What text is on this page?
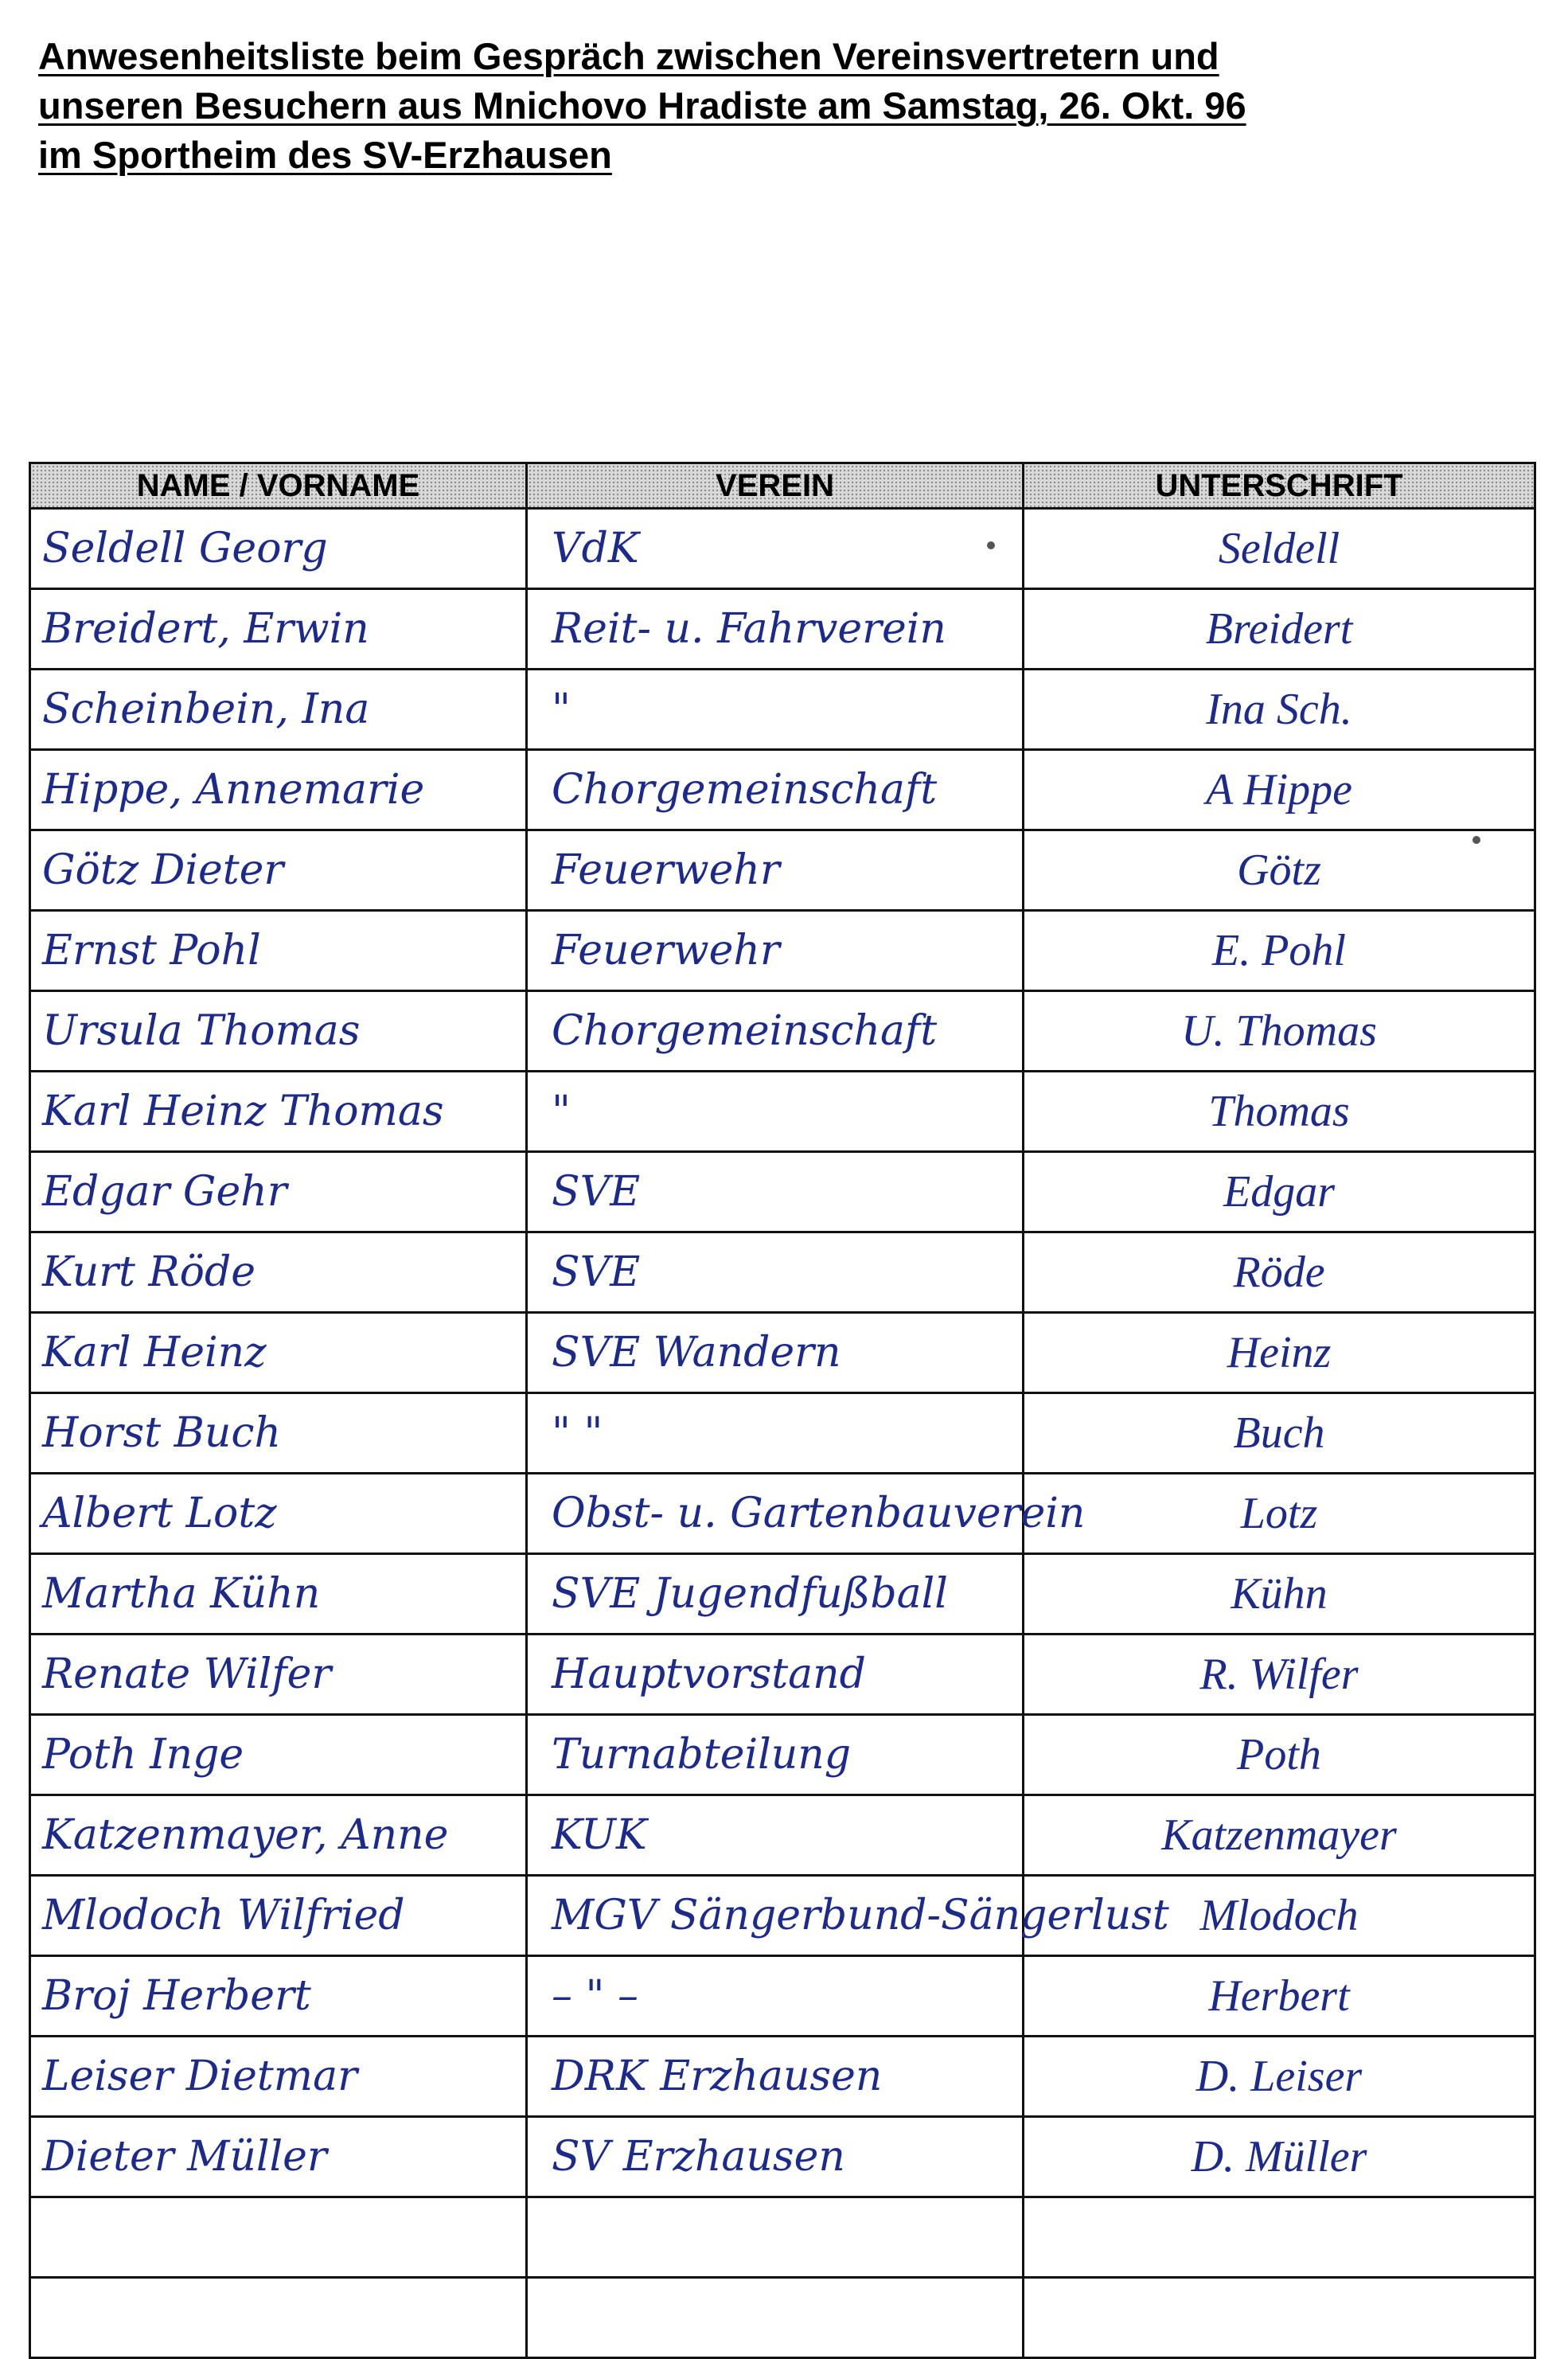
Anwesenheitsliste beim Gespräch zwischen Vereinsvertretern und
unseren Besuchern aus Mnichovo Hradiste am Samstag, 26. Okt. 96
im Sportheim des SV-Erzhausen
NAME / VORNAME	VEREIN	UNTERSCHRIFT
Seldell Georg	VdK	Seldell
Breidert, Erwin	Reit- u. Fahrverein	Breidert
Scheinbein, Ina	"	Ina Sch.
Hippe, Annemarie	Chorgemeinschaft	A Hippe
Götz Dieter	Feuerwehr	Götz
Ernst Pohl	Feuerwehr	E. Pohl
Ursula Thomas	Chorgemeinschaft	U. Thomas
Karl Heinz Thomas	"	Thomas
Edgar Gehr	SVE	Edgar
Kurt Röde	SVE	Röde
Karl Heinz	SVE Wandern	Heinz
Horst Buch	" "	Buch
Albert Lotz	Obst- u. Gartenbauverein	Lotz
Martha Kühn	SVE Jugendfußball	Kühn
Renate Wilfer	Hauptvorstand	R. Wilfer
Poth Inge	Turnabteilung	Poth
Katzenmayer, Anne	KUK	Katzenmayer
Mlodoch Wilfried	MGV Sängerbund-Sängerlust	Mlodoch
Broj Herbert	– " –	Herbert
Leiser Dietmar	DRK Erzhausen	D. Leiser
Dieter Müller	SV Erzhausen	D. Müller
